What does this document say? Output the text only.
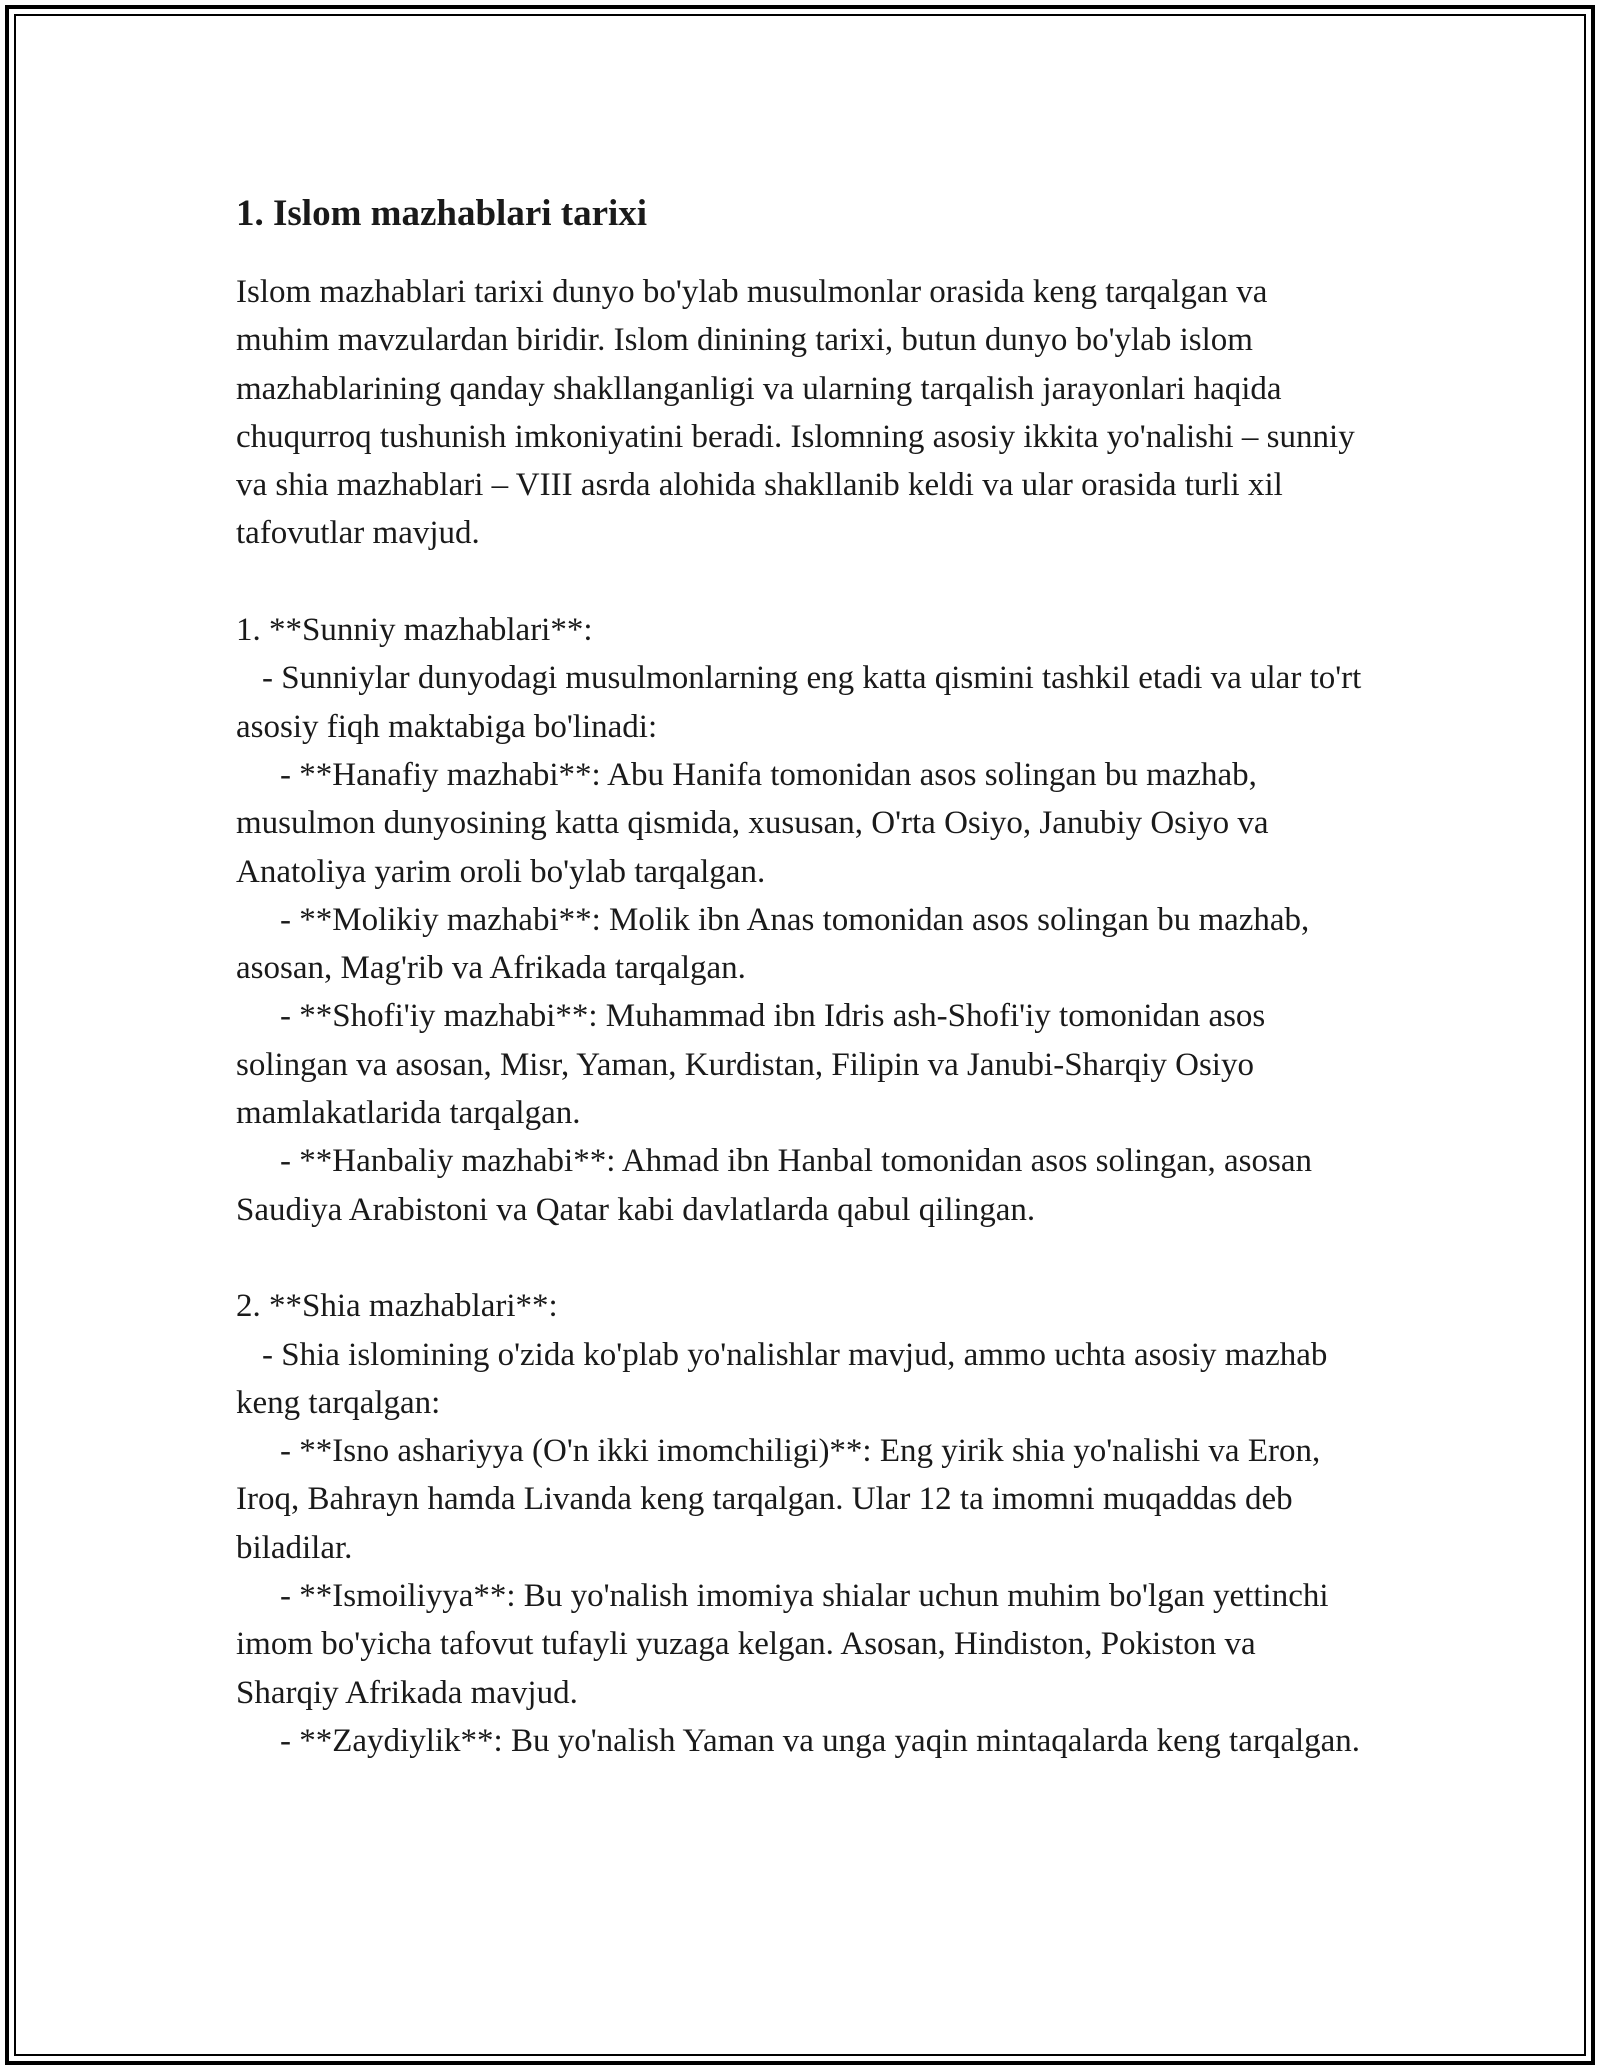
1. Islom mazhablari tarixi

Islom mazhablari tarixi dunyo bo'ylab musulmonlar orasida keng tarqalgan va muhim mavzulardan biridir. Islom dinining tarixi, butun dunyo bo'ylab islom mazhablarining qanday shakllanganligi va ularning tarqalish jarayonlari haqida chuqurroq tushunish imkoniyatini beradi. Islomning asosiy ikkita yo'nalishi – sunniy va shia mazhablari – VIII asrda alohida shakllanib keldi va ular orasida turli xil tafovutlar mavjud.

1. **Sunniy mazhablari**:

- Sunniylar dunyodagi musulmonlarning eng katta qismini tashkil etadi va ular to'rt asosiy fiqh maktabiga bo'linadi:

- **Hanafiy mazhabi**: Abu Hanifa tomonidan asos solingan bu mazhab, musulmon dunyosining katta qismida, xususan, O'rta Osiyo, Janubiy Osiyo va Anatoliya yarim oroli bo'ylab tarqalgan.

- **Molikiy mazhabi**: Molik ibn Anas tomonidan asos solingan bu mazhab, asosan, Mag'rib va Afrikada tarqalgan.

- **Shofi'iy mazhabi**: Muhammad ibn Idris ash-Shofi'iy tomonidan asos solingan va asosan, Misr, Yaman, Kurdistan, Filipin va Janubi-Sharqiy Osiyo mamlakatlarida tarqalgan.

- **Hanbaliy mazhabi**: Ahmad ibn Hanbal tomonidan asos solingan, asosan Saudiya Arabistoni va Qatar kabi davlatlarda qabul qilingan.

2. **Shia mazhablari**:

- Shia islomining o'zida ko'plab yo'nalishlar mavjud, ammo uchta asosiy mazhab keng tarqalgan:

- **Isno ashariyya (O'n ikki imomchiligi)**: Eng yirik shia yo'nalishi va Eron, Iroq, Bahrayn hamda Livanda keng tarqalgan. Ular 12 ta imomni muqaddas deb biladilar.

- **Ismoiliyya**: Bu yo'nalish imomiya shialar uchun muhim bo'lgan yettinchi imom bo'yicha tafovut tufayli yuzaga kelgan. Asosan, Hindiston, Pokiston va Sharqiy Afrikada mavjud.

- **Zaydiylik**: Bu yo'nalish Yaman va unga yaqin mintaqalarda keng tarqalgan.
